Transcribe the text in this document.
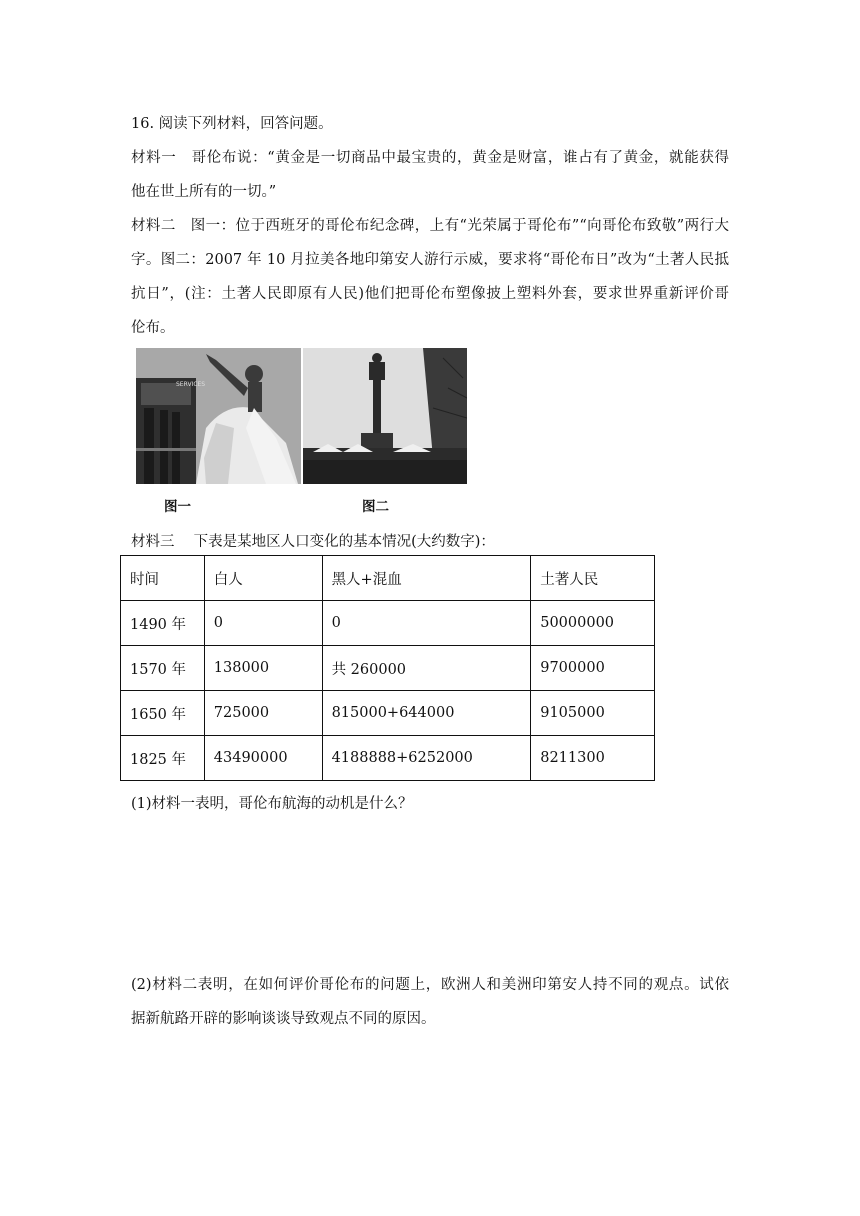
16. 阅读下列材料，回答问题。
材料一　哥伦布说：“黄金是一切商品中最宝贵的，黄金是财富，谁占有了黄金，就能获得
他在世上所有的一切。”
材料二　图一：位于西班牙的哥伦布纪念碑，上有“光荣属于哥伦布”“向哥伦布致敬”两行大
字。图二：2007 年 10 月拉美各地印第安人游行示威，要求将“哥伦布日”改为“土著人民抵
抗日”，(注：土著人民即原有人民)他们把哥伦布塑像披上塑料外套，要求世界重新评价哥
伦布。
SERVICES
图一	图二
材料三　 下表是某地区人口变化的基本情况(大约数字)：
时间	白人	黑人+混血	土著人民
1490 年	0	0	50000000
1570 年	138000	共 260000	9700000
1650 年	725000	815000+644000	9105000
1825 年	43490000	4188888+6252000	8211300
(1)材料一表明，哥伦布航海的动机是什么？
(2)材料二表明，在如何评价哥伦布的问题上，欧洲人和美洲印第安人持不同的观点。试依
据新航路开辟的影响谈谈导致观点不同的原因。
